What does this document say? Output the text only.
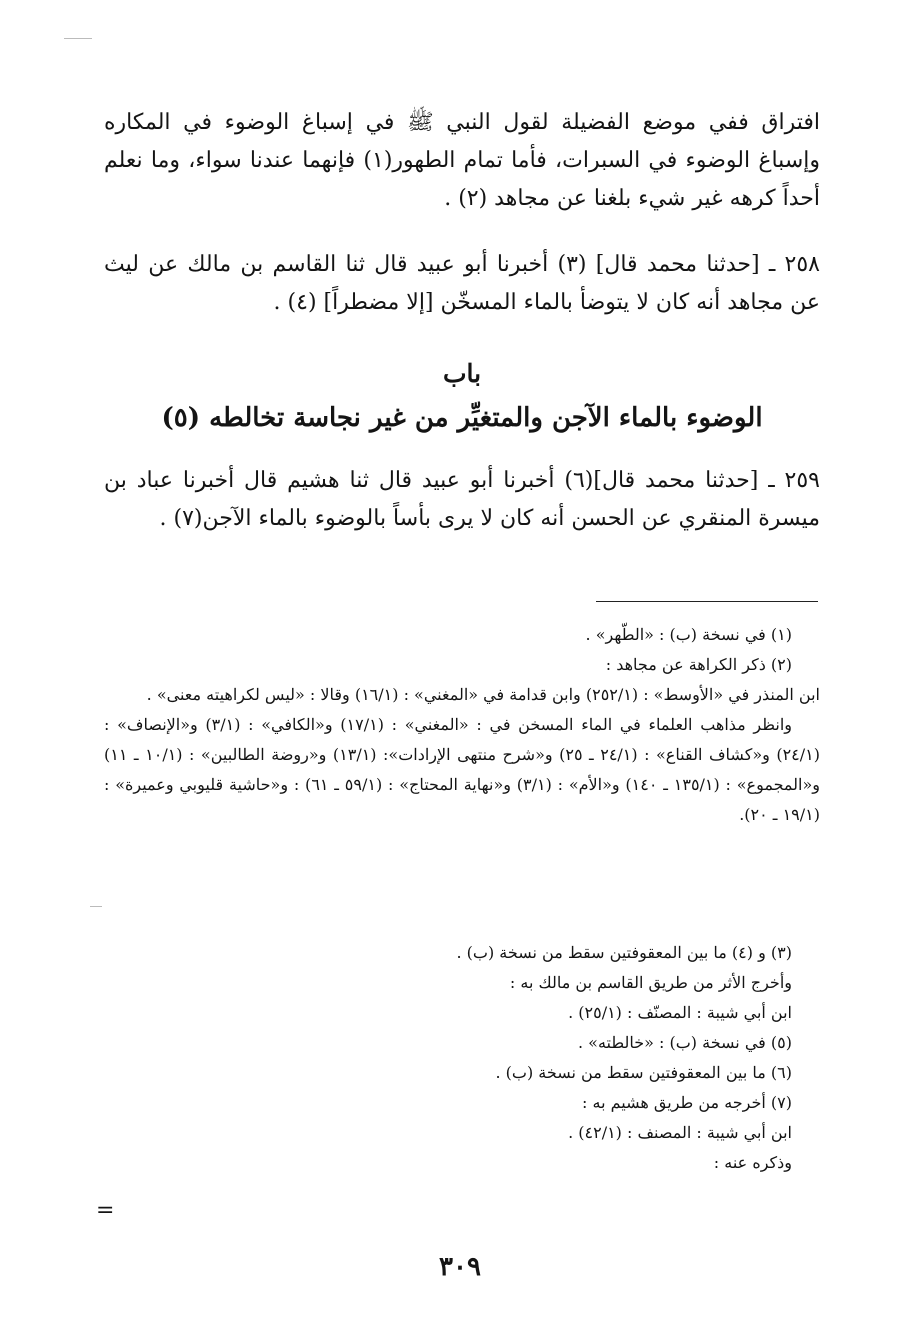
افتراق ففي موضع الفضيلة لقول النبي ﷺ في إسباغ الوضوء في المكاره وإسباغ الوضوء في السبرات، فأما تمام الطهور(١) فإنهما عندنا سواء، وما نعلم أحداً كرهه غير شيء بلغنا عن مجاهد (٢) .

٢٥٨ ـ [حدثنا محمد قال] (٣) أخبرنا أبو عبيد قال ثنا القاسم بن مالك عن ليث عن مجاهد أنه كان لا يتوضأ بالماء المسخّن [إلا مضطراً] (٤) .

باب
الوضوء بالماء الآجن والمتغيِّر من غير نجاسة تخالطه (٥)

٢٥٩ ـ [حدثنا محمد قال](٦) أخبرنا أبو عبيد قال ثنا هشيم قال أخبرنا عباد بن ميسرة المنقري عن الحسن أنه كان لا يرى بأساً بالوضوء بالماء الآجن(٧) .

(١) في نسخة (ب) : «الطّهر» .

(٢) ذكر الكراهة عن مجاهد :

ابن المنذر في «الأوسط» : (٢٥٢/١) وابن قدامة في «المغني» : (١٦/١) وقالا : «ليس لكراهيته معنى» .

وانظر مذاهب العلماء في الماء المسخن في : «المغني» : (١٧/١) و«الكافي» : (٣/١) و«الإنصاف» : (٢٤/١) و«كشاف القناع» : (٢٤/١ ـ ٢٥) و«شرح منتهى الإرادات»: (١٣/١) و«روضة الطالبين» : (١٠/١ ـ ١١) و«المجموع» : (١٣٥/١ ـ ١٤٠) و«الأم» : (٣/١) و«نهاية المحتاج» : (٥٩/١ ـ ٦١) : و«حاشية قليوبي وعميرة» : (١٩/١ ـ ٢٠).

(٣) و (٤) ما بين المعقوفتين سقط من نسخة (ب) .

وأخرج الأثر من طريق القاسم بن مالك به :

ابن أبي شيبة : المصنّف : (٢٥/١) .

(٥) في نسخة (ب) : «خالطته» .

(٦) ما بين المعقوفتين سقط من نسخة (ب) .

(٧) أخرجه من طريق هشيم به :

ابن أبي شيبة : المصنف : (٤٢/١) .

وذكره عنه :

=
٣٠٩
